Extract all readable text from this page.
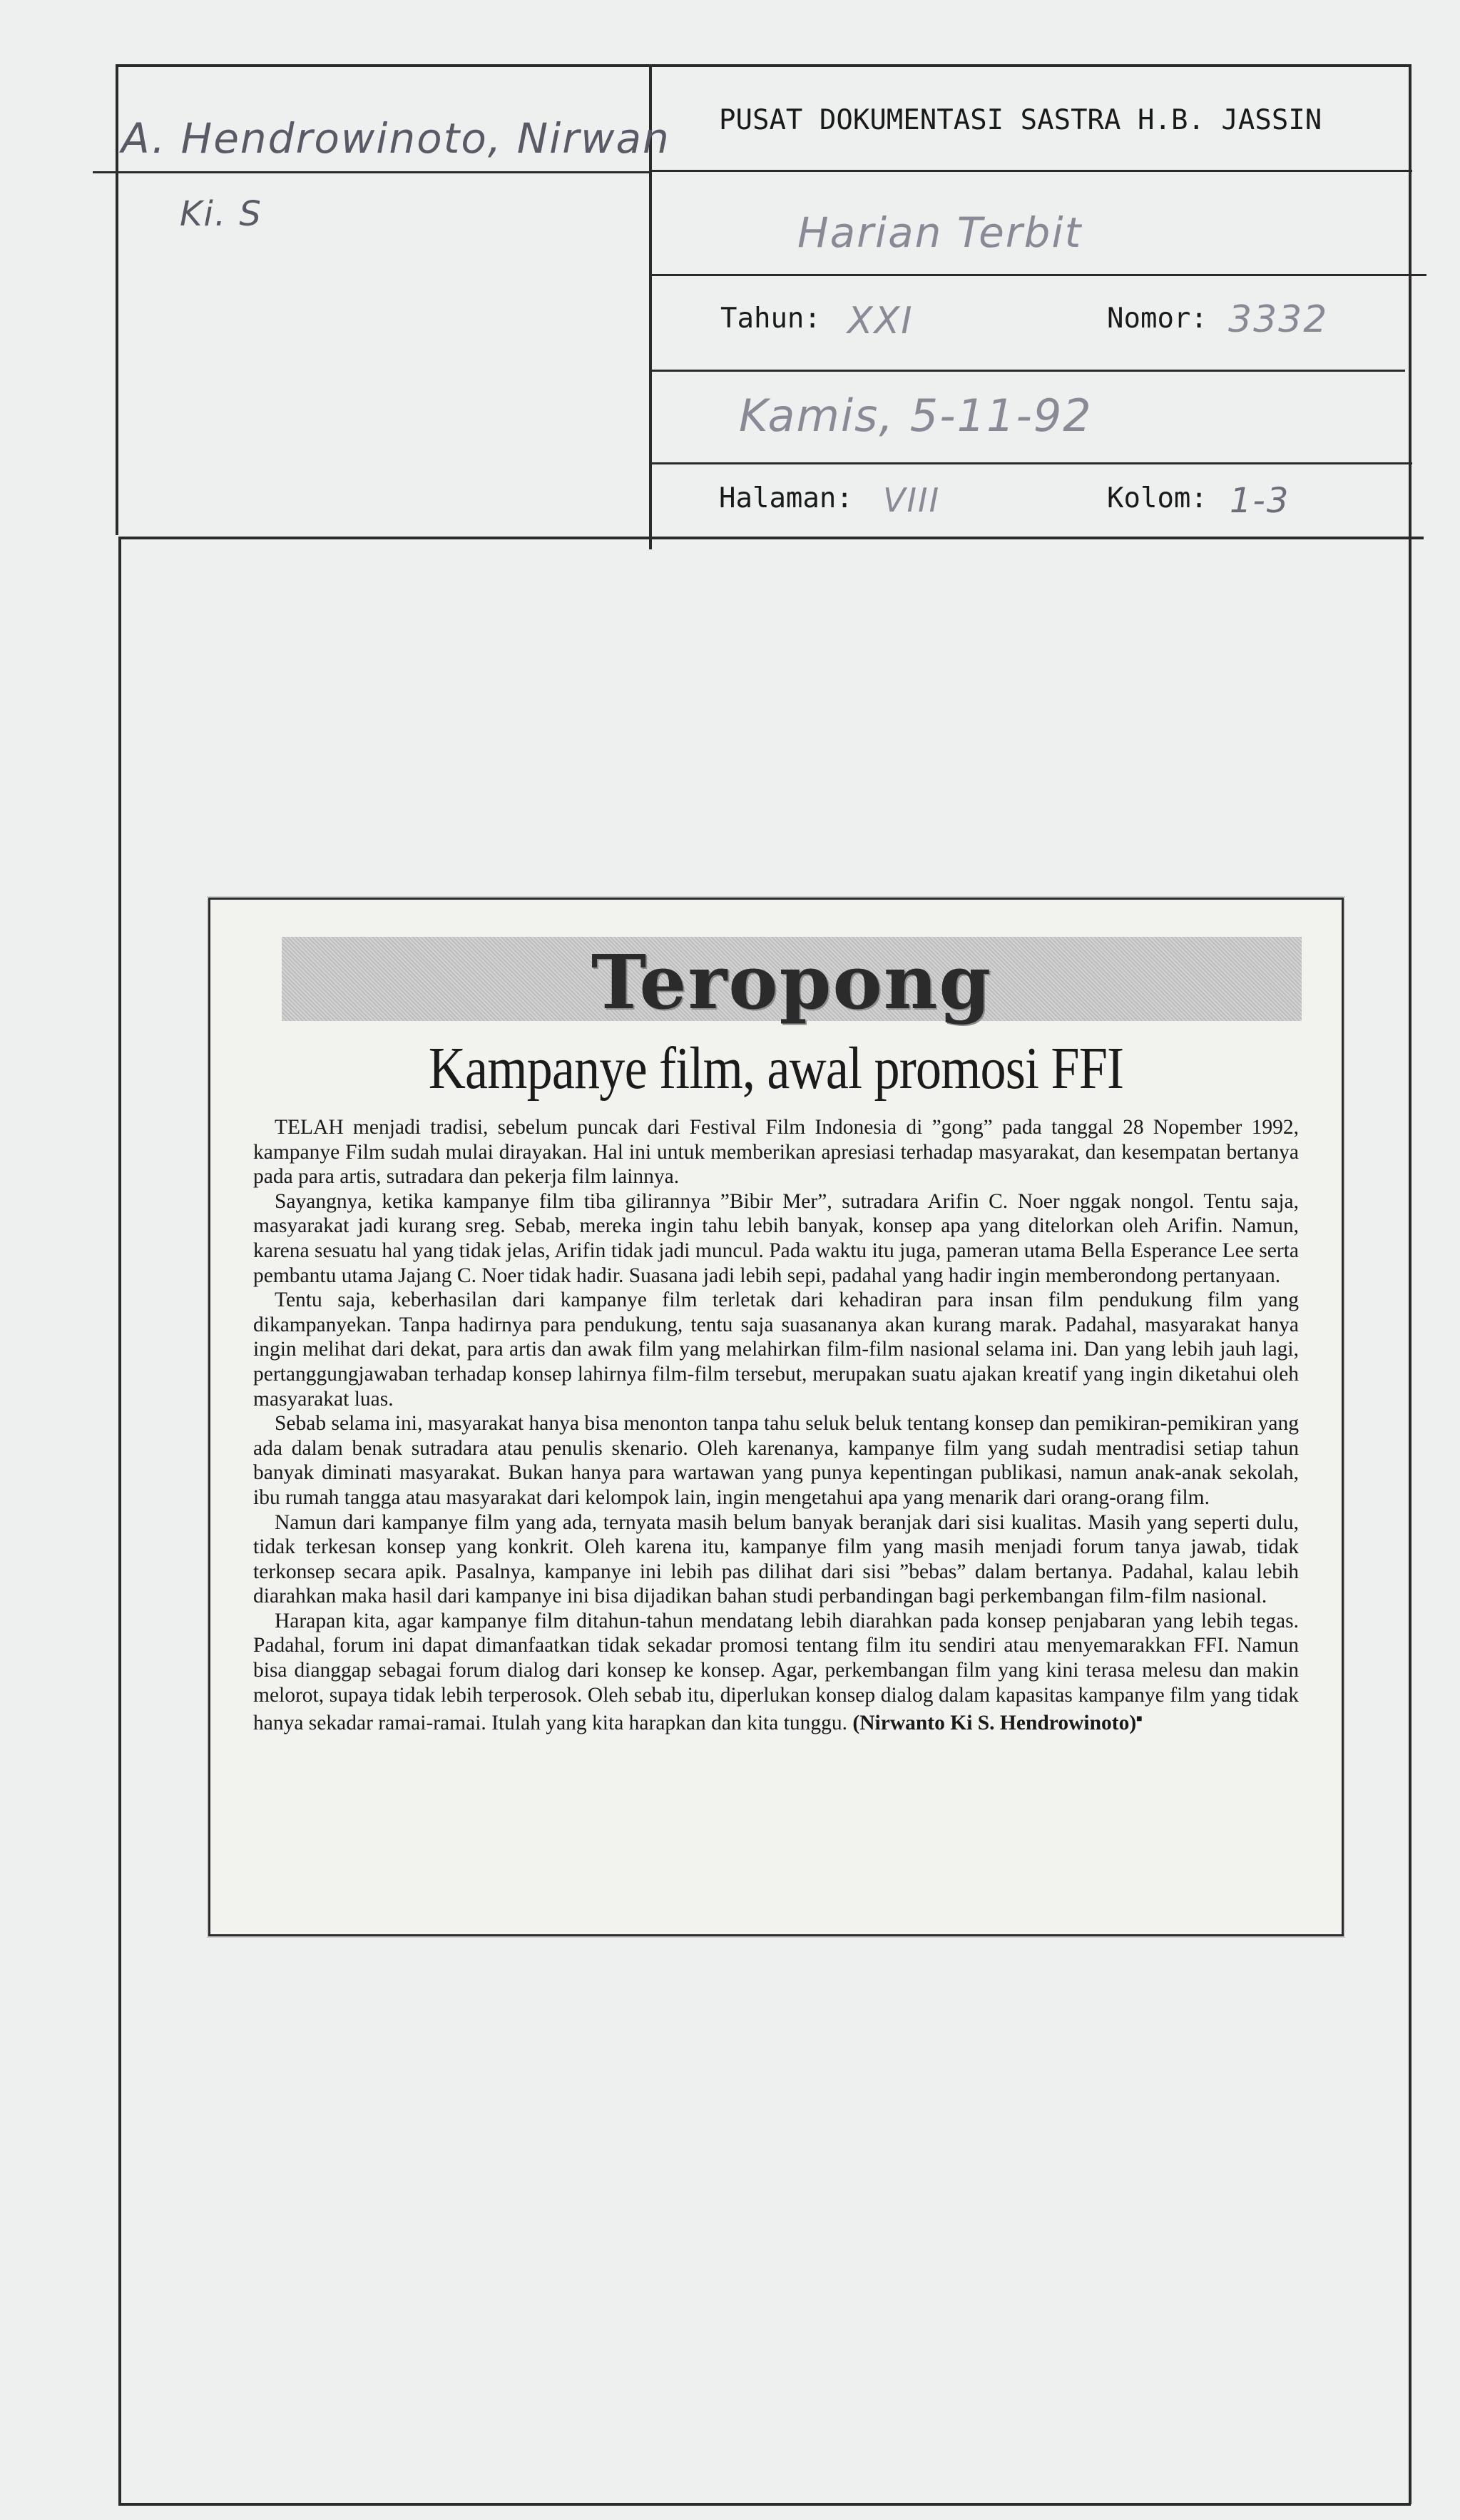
PUSAT DOKUMENTASI SASTRA H.B. JASSIN
A. Hendrowinoto, Nirwan
Ki. S	Harian Terbit
Tahun: XXI	Nomor: 3332
Kamis, 5-11-92
Halaman: VIII	Kolom: 1-3
Teropong
Kampanye film, awal promosi FFI

TELAH menjadi tradisi, sebelum puncak dari Festival Film Indonesia di ”gong” pada tanggal 28 Nopember 1992, kampanye Film sudah mulai dirayakan. Hal ini untuk memberikan apresiasi terhadap masyarakat, dan kesempatan bertanya pada para artis, sutradara dan pekerja film lainnya.

Sayangnya, ketika kampanye film tiba gilirannya ”Bibir Mer”, sutradara Arifin C. Noer nggak nongol. Tentu saja, masyarakat jadi kurang sreg. Sebab, mereka ingin tahu lebih banyak, konsep apa yang ditelorkan oleh Arifin. Namun, karena sesuatu hal yang tidak jelas, Arifin tidak jadi muncul. Pada waktu itu juga, pameran utama Bella Esperance Lee serta pembantu utama Jajang C. Noer tidak hadir. Suasana jadi lebih sepi, padahal yang hadir ingin memberondong pertanyaan.

Tentu saja, keberhasilan dari kampanye film terletak dari kehadiran para insan film pendukung film yang dikampanyekan. Tanpa hadirnya para pendukung, tentu saja suasananya akan kurang marak. Padahal, masyarakat hanya ingin melihat dari dekat, para artis dan awak film yang melahirkan film-film nasional selama ini. Dan yang lebih jauh lagi, pertanggungjawaban terhadap konsep lahirnya film-film tersebut, merupakan suatu ajakan kreatif yang ingin diketahui oleh masyarakat luas.

Sebab selama ini, masyarakat hanya bisa menonton tanpa tahu seluk beluk tentang konsep dan pemikiran-pemikiran yang ada dalam benak sutradara atau penulis skenario. Oleh karenanya, kampanye film yang sudah mentradisi setiap tahun banyak diminati masyarakat. Bukan hanya para wartawan yang punya kepentingan publikasi, namun anak-anak sekolah, ibu rumah tangga atau masyarakat dari kelompok lain, ingin mengetahui apa yang menarik dari orang-orang film.

Namun dari kampanye film yang ada, ternyata masih belum banyak beranjak dari sisi kualitas. Masih yang seperti dulu, tidak terkesan konsep yang konkrit. Oleh karena itu, kampanye film yang masih menjadi forum tanya jawab, tidak terkonsep secara apik. Pasalnya, kampanye ini lebih pas dilihat dari sisi ”bebas” dalam bertanya. Padahal, kalau lebih diarahkan maka hasil dari kampanye ini bisa dijadikan bahan studi perbandingan bagi perkembangan film-film nasional.

Harapan kita, agar kampanye film ditahun-tahun mendatang lebih diarahkan pada konsep penjabaran yang lebih tegas. Padahal, forum ini dapat dimanfaatkan tidak sekadar promosi tentang film itu sendiri atau menyemarakkan FFI. Namun bisa dianggap sebagai forum dialog dari konsep ke konsep. Agar, perkembangan film yang kini terasa melesu dan makin melorot, supaya tidak lebih terperosok. Oleh sebab itu, diperlukan konsep dialog dalam kapasitas kampanye film yang tidak hanya sekadar ramai-ramai. Itulah yang kita harapkan dan kita tunggu. (Nirwanto Ki S. Hendrowinoto)■
